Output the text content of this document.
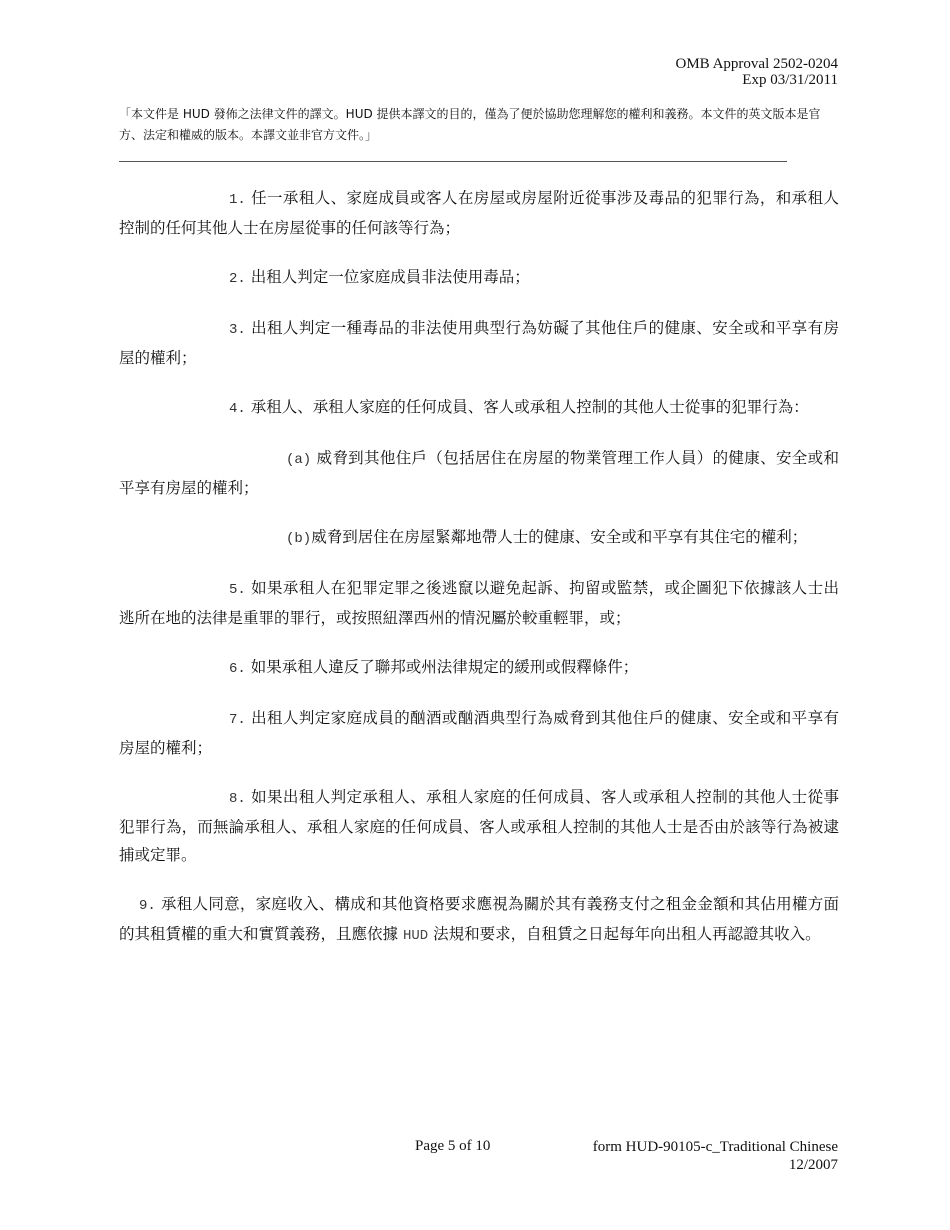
OMB Approval 2502-0204
Exp 03/31/2011
「本文件是 HUD 發佈之法律文件的譯文。HUD 提供本譯文的目的，僅為了便於協助您理解您的權利和義務。本文件的英文版本是官方、法定和權威的版本。本譯文並非官方文件。」

1. 任一承租人、家庭成員或客人在房屋或房屋附近從事涉及毒品的犯罪行為，和承租人控制的任何其他人士在房屋從事的任何該等行為；

2. 出租人判定一位家庭成員非法使用毒品；

3. 出租人判定一種毒品的非法使用典型行為妨礙了其他住戶的健康、安全或和平享有房屋的權利；

4. 承租人、承租人家庭的任何成員、客人或承租人控制的其他人士從事的犯罪行為：

(a) 威脅到其他住戶（包括居住在房屋的物業管理工作人員）的健康、安全或和平享有房屋的權利；

(b)威脅到居住在房屋緊鄰地帶人士的健康、安全或和平享有其住宅的權利；

5. 如果承租人在犯罪定罪之後逃竄以避免起訴、拘留或監禁，或企圖犯下依據該人士出逃所在地的法律是重罪的罪行，或按照紐澤西州的情況屬於較重輕罪，或；

6. 如果承租人違反了聯邦或州法律規定的緩刑或假釋條件；

7. 出租人判定家庭成員的酗酒或酗酒典型行為威脅到其他住戶的健康、安全或和平享有房屋的權利；

8. 如果出租人判定承租人、承租人家庭的任何成員、客人或承租人控制的其他人士從事犯罪行為，而無論承租人、承租人家庭的任何成員、客人或承租人控制的其他人士是否由於該等行為被逮捕或定罪。

9. 承租人同意，家庭收入、構成和其他資格要求應視為關於其有義務支付之租金金額和其佔用權方面的其租賃權的重大和實質義務，且應依據 HUD 法規和要求，自租賃之日起每年向出租人再認證其收入。

Page 5 of 10	form HUD-90105-c_Traditional Chinese
12/2007
